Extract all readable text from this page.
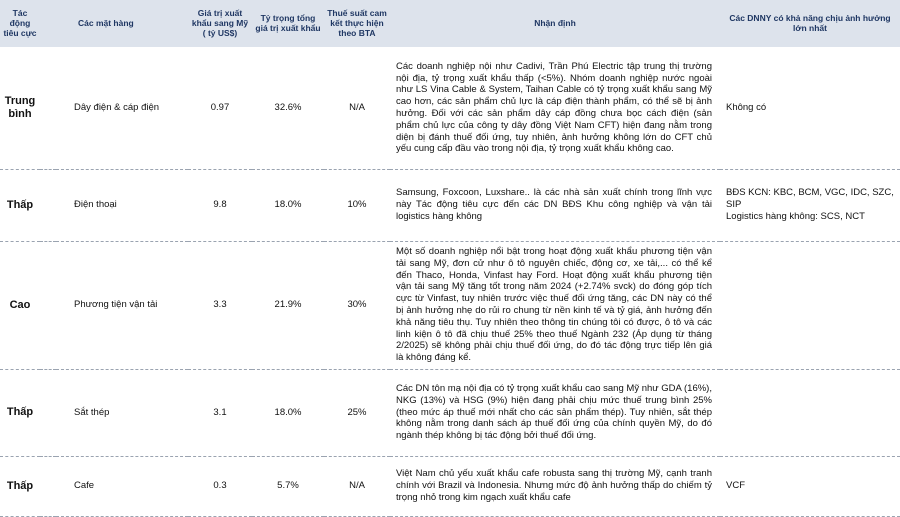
Tác động tiêu cực		Các mặt hàng	Giá trị xuất khẩu sang Mỹ ( tỷ US$)	Tỷ trọng tổng giá trị xuất khẩu	Thuế suất cam kết thực hiện theo BTA	Nhận định	Các DNNY có khả năng chịu ảnh hưởng lớn nhất
Trung bình		Dây điện & cáp điện	0.97	32.6%	N/A	Các doanh nghiệp nội như Cadivi, Trần Phú Electric tập trung thị trường nội địa, tỷ trọng xuất khẩu thấp (<5%). Nhóm doanh nghiệp nước ngoài như LS Vina Cable & System, Taihan Cable có tỷ trọng xuất khẩu sang Mỹ cao hơn, các sản phẩm chủ lực là cáp điện thành phẩm, có thể sẽ bị ảnh hưởng. Đối với các sản phẩm dây cáp đồng chưa bọc cách điện (sản phẩm chủ lực của công ty dây đồng Việt Nam CFT) hiện đang nằm trong diện bị đánh thuế đối ứng, tuy nhiên, ảnh hưởng không lớn do CFT chủ yếu cung cấp đầu vào trong nội địa, tỷ trọng xuất khẩu không cao.	Không có
Thấp		Điện thoại	9.8	18.0%	10%	Samsung, Foxcoon, Luxshare.. là các nhà sản xuất chính trong lĩnh vực này Tác động tiêu cực đến các DN BĐS Khu công nghiệp và vận tải logistics hàng không	BĐS KCN: KBC, BCM, VGC, IDC, SZC, SIP
Logistics hàng không: SCS, NCT
Cao		Phương tiện vận tải	3.3	21.9%	30%	Một số doanh nghiệp nổi bật trong hoạt động xuất khẩu phương tiện vận tải sang Mỹ, đơn cử như ô tô nguyên chiếc, động cơ, xe tải,... có thể kể đến Thaco, Honda, Vinfast hay Ford. Hoạt động xuất khẩu phương tiện vận tải sang Mỹ tăng tốt trong năm 2024 (+2.74% svck) do đóng góp tích cực từ Vinfast, tuy nhiên trước việc thuế đối ứng tăng, các DN này có thể bị ảnh hưởng nhẹ do rủi ro chung từ nền kinh tế và tỷ giá, ảnh hưởng đến khả năng tiêu thụ. Tuy nhiên theo thông tin chúng tôi có được, ô tô và các linh kiện ô tô đã chịu thuế 25% theo thuế Ngành 232 (Áp dụng từ tháng 2/2025) sẽ không phải chịu thuế đối ứng, do đó tác động trực tiếp lên giá là không đáng kể.	
Thấp		Sắt thép	3.1	18.0%	25%	Các DN tôn mạ nội địa có tỷ trọng xuất khẩu cao sang Mỹ như GDA (16%), NKG (13%) và HSG (9%) hiện đang phải chịu mức thuế trung bình 25% (theo mức áp thuế mới nhất cho các sản phẩm thép). Tuy nhiên, sắt thép không nằm trong danh sách áp thuế đối ứng của chính quyền Mỹ, do đó ngành thép không bị tác động bởi thuế đối ứng.	
Thấp		Cafe	0.3	5.7%	N/A	Việt Nam chủ yếu xuất khẩu cafe robusta sang thị trường Mỹ, cạnh tranh chính với Brazil và Indonesia. Nhưng mức độ ảnh hưởng thấp do chiếm tỷ trọng nhỏ trong kim ngạch xuất khẩu cafe	VCF
